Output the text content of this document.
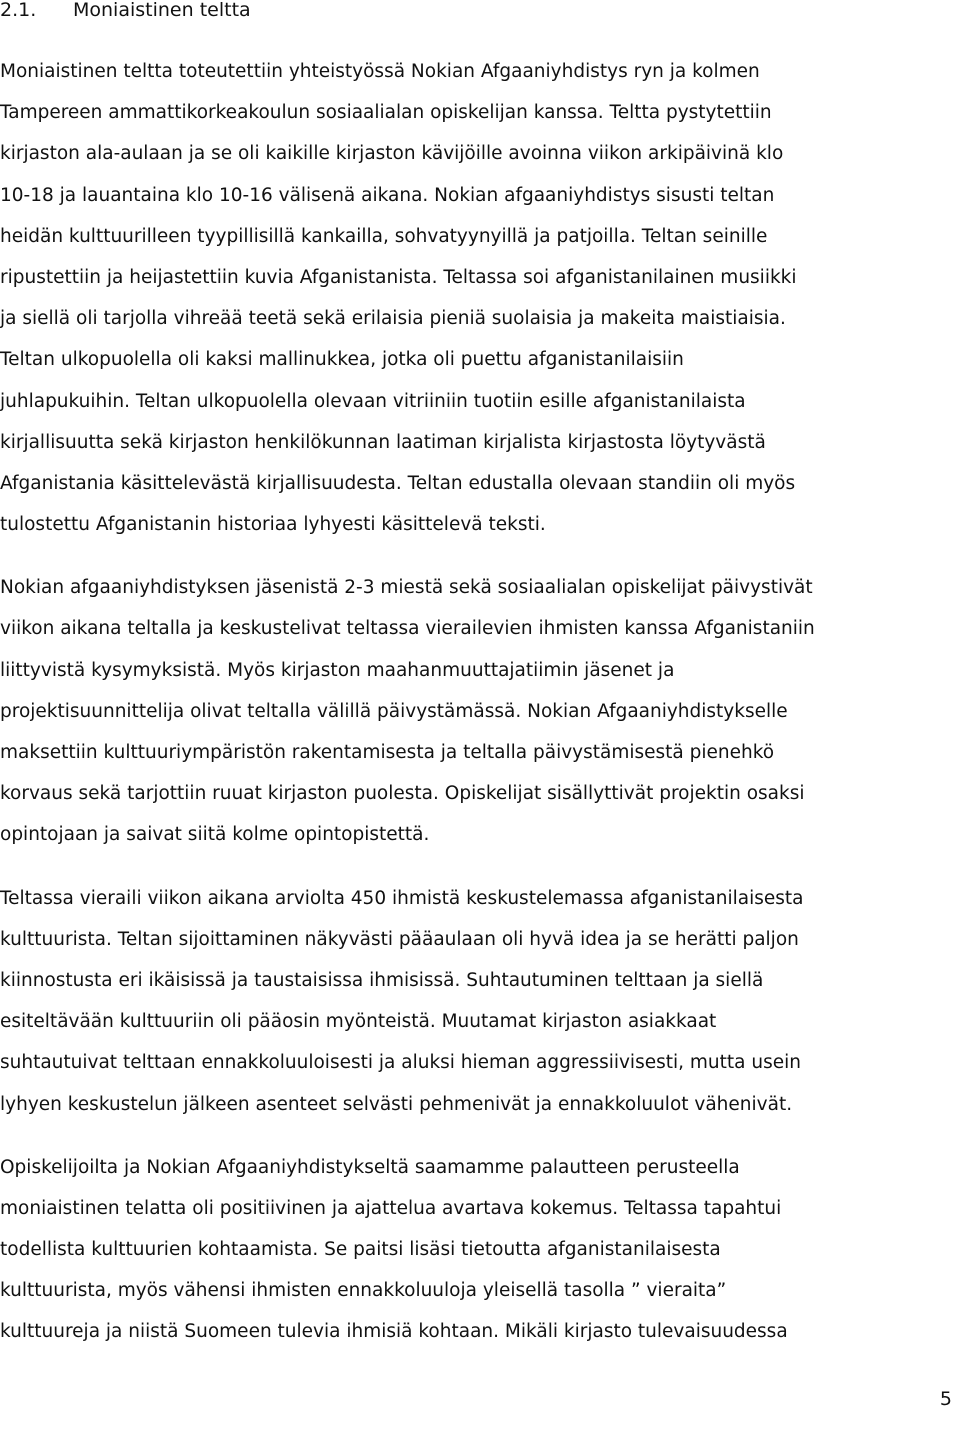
2.1. Moniaistinen teltta

Moniaistinen teltta toteutettiin yhteistyössä Nokian Afgaaniyhdistys ryn ja kolmen
Tampereen ammattikorkeakoulun sosiaalialan opiskelijan kanssa. Teltta pystytettiin
kirjaston ala-aulaan ja se oli kaikille kirjaston kävijöille avoinna viikon arkipäivinä klo
10-18 ja lauantaina klo 10-16 välisenä aikana. Nokian afgaaniyhdistys sisusti teltan
heidän kulttuurilleen tyypillisillä kankailla, sohvatyynyillä ja patjoilla. Teltan seinille
ripustettiin ja heijastettiin kuvia Afganistanista. Teltassa soi afganistanilainen musiikki
ja siellä oli tarjolla vihreää teetä sekä erilaisia pieniä suolaisia ja makeita maistiaisia.
Teltan ulkopuolella oli kaksi mallinukkea, jotka oli puettu afganistanilaisiin
juhlapukuihin. Teltan ulkopuolella olevaan vitriiniin tuotiin esille afganistanilaista
kirjallisuutta sekä kirjaston henkilökunnan laatiman kirjalista kirjastosta löytyvästä
Afganistania käsittelevästä kirjallisuudesta. Teltan edustalla olevaan standiin oli myös
tulostettu Afganistanin historiaa lyhyesti käsittelevä teksti.

Nokian afgaaniyhdistyksen jäsenistä 2-3 miestä sekä sosiaalialan opiskelijat päivystivät
viikon aikana teltalla ja keskustelivat teltassa vierailevien ihmisten kanssa Afganistaniin
liittyvistä kysymyksistä. Myös kirjaston maahanmuuttajatiimin jäsenet ja
projektisuunnittelija olivat teltalla välillä päivystämässä. Nokian Afgaaniyhdistykselle
maksettiin kulttuuriympäristön rakentamisesta ja teltalla päivystämisestä pienehkö
korvaus sekä tarjottiin ruuat kirjaston puolesta. Opiskelijat sisällyttivät projektin osaksi
opintojaan ja saivat siitä kolme opintopistettä.

Teltassa vieraili viikon aikana arviolta 450 ihmistä keskustelemassa afganistanilaisesta
kulttuurista. Teltan sijoittaminen näkyvästi pääaulaan oli hyvä idea ja se herätti paljon
kiinnostusta eri ikäisissä ja taustaisissa ihmisissä. Suhtautuminen telttaan ja siellä
esiteltävään kulttuuriin oli pääosin myönteistä. Muutamat kirjaston asiakkaat
suhtautuivat telttaan ennakkoluuloisesti ja aluksi hieman aggressiivisesti, mutta usein
lyhyen keskustelun jälkeen asenteet selvästi pehmenivät ja ennakkoluulot vähenivät.

Opiskelijoilta ja Nokian Afgaaniyhdistykseltä saamamme palautteen perusteella
moniaistinen telatta oli positiivinen ja ajattelua avartava kokemus. Teltassa tapahtui
todellista kulttuurien kohtaamista. Se paitsi lisäsi tietoutta afganistanilaisesta
kulttuurista, myös vähensi ihmisten ennakkoluuloja yleisellä tasolla ” vieraita”
kulttuureja ja niistä Suomeen tulevia ihmisiä kohtaan. Mikäli kirjasto tulevaisuudessa

5
